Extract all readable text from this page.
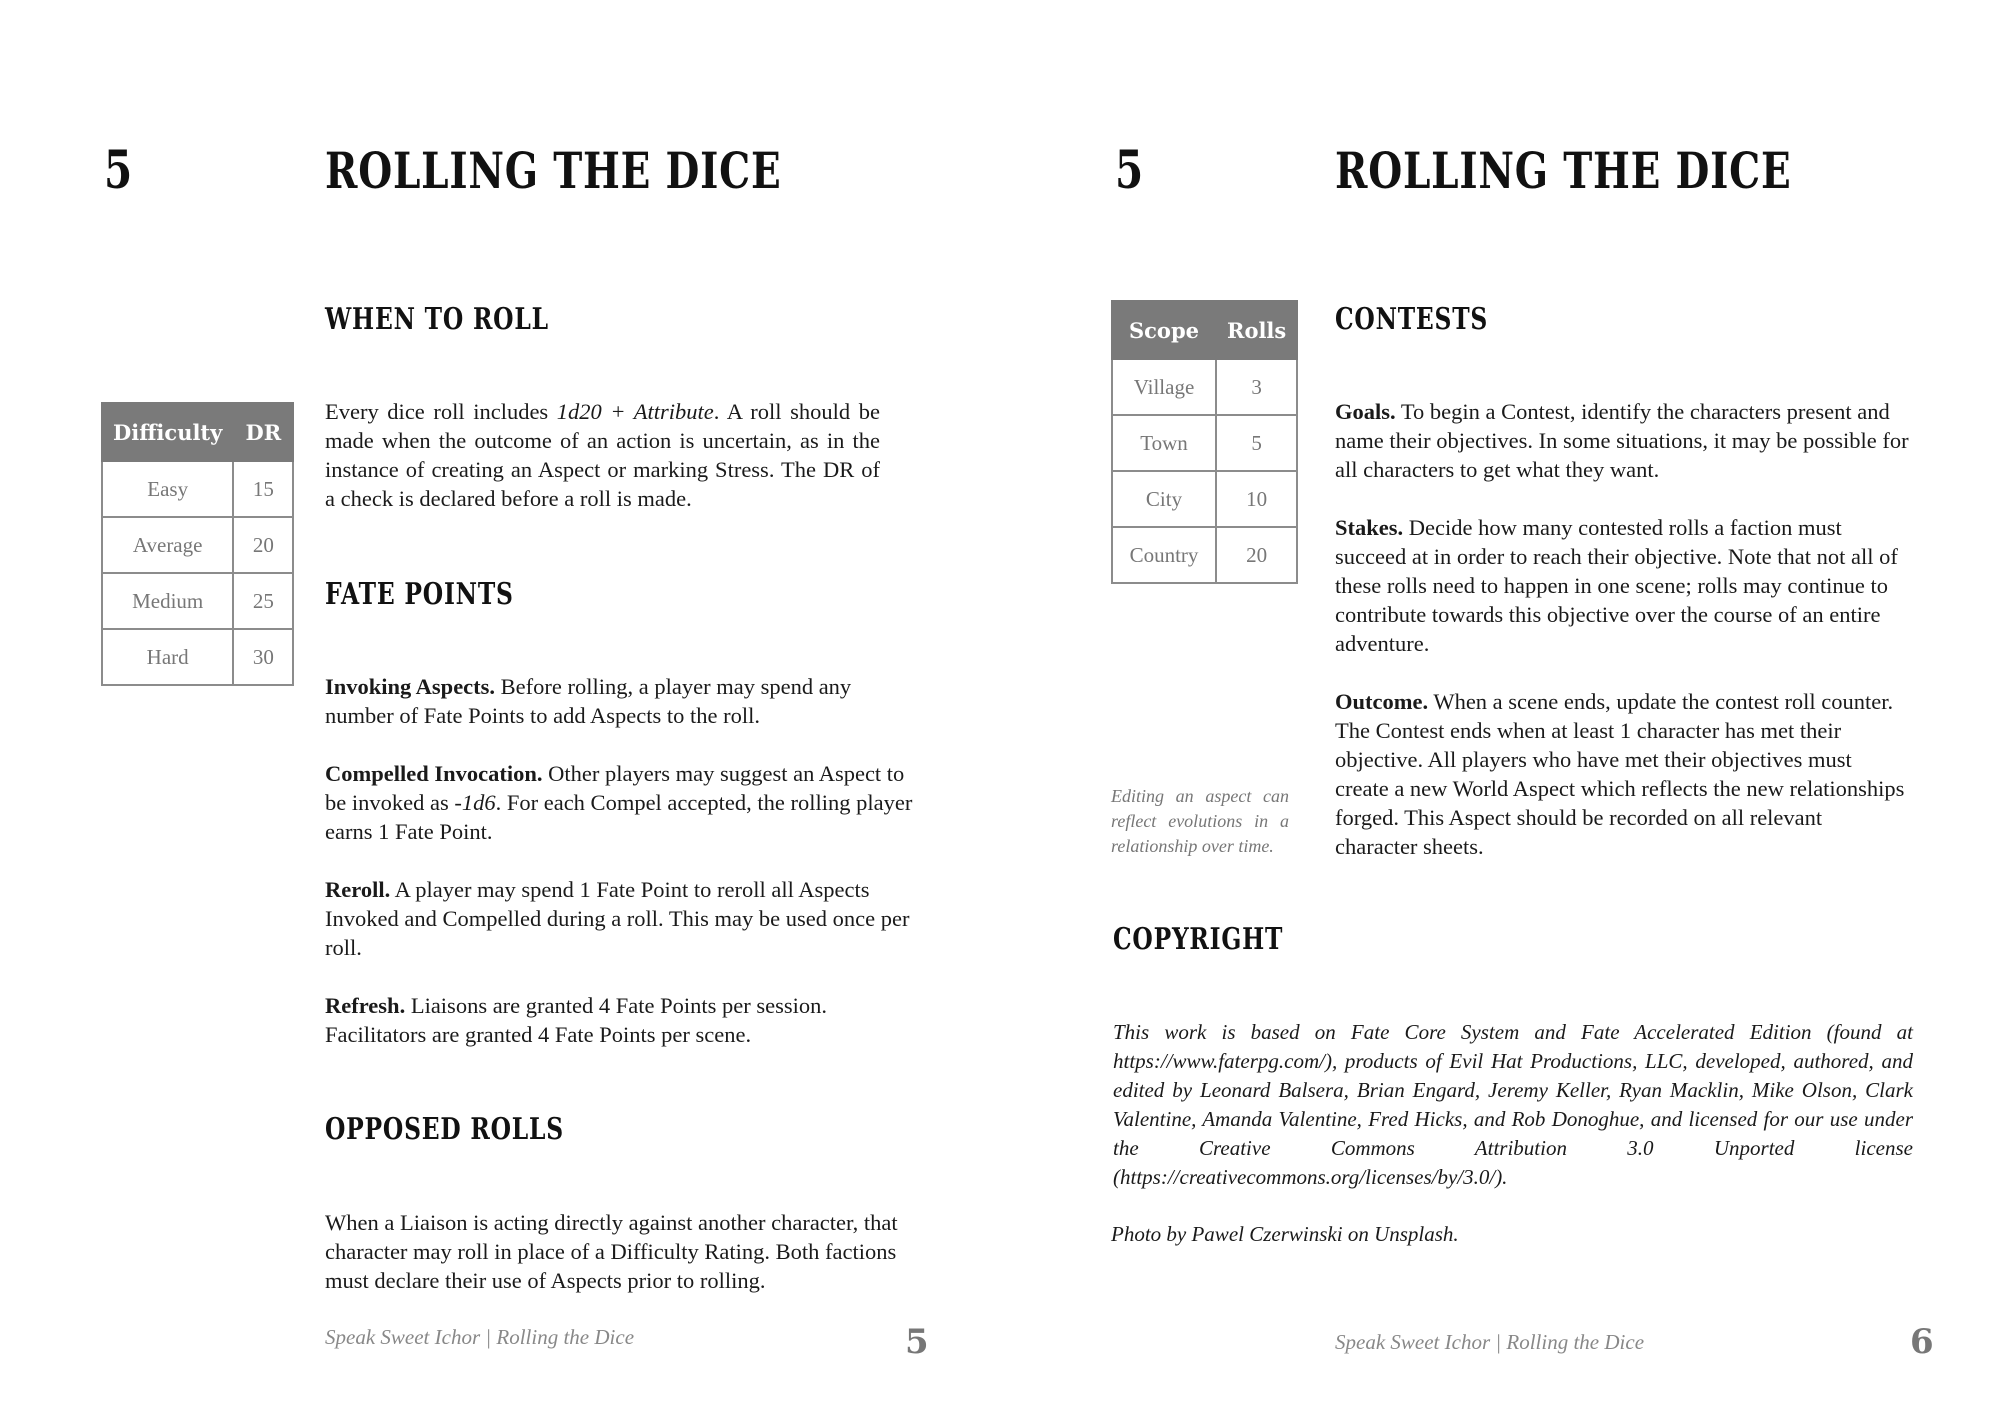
5	ROLLING THE DICE
Difficulty	DR
Easy	15
Average	20
Medium	25
Hard	30
WHEN TO ROLL
Every dice roll includes 1d20 + Attribute. A roll should be made when the outcome of an action is uncertain, as in the instance of creating an Aspect or marking Stress. The DR of a check is declared before a roll is made.
FATE POINTS

Invoking Aspects. Before rolling, a player may spend any number of Fate Points to add Aspects to the roll.

Compelled Invocation. Other players may suggest an Aspect to be invoked as -1d6. For each Compel accepted, the rolling player earns 1 Fate Point.

Reroll. A player may spend 1 Fate Point to reroll all Aspects Invoked and Compelled during a roll. This may be used once per roll.

Refresh. Liaisons are granted 4 Fate Points per session. Facilitators are granted 4 Fate Points per scene.

OPPOSED ROLLS
When a Liaison is acting directly against another character, that character may roll in place of a Difficulty Rating. Both factions must declare their use of Aspects prior to rolling.
Speak Sweet Ichor | Rolling the Dice	5
5	ROLLING THE DICE
Scope	Rolls
Village	3
Town	5
City	10
Country	20
Editing an aspect can reflect evolutions in a relationship over time.
CONTESTS

Goals. To begin a Contest, identify the characters present and name their objectives. In some situations, it may be possible for all characters to get what they want.

Stakes. Decide how many contested rolls a faction must succeed at in order to reach their objective. Note that not all of these rolls need to happen in one scene; rolls may continue to contribute towards this objective over the course of an entire adventure.

Outcome. When a scene ends, update the contest roll counter. The Contest ends when at least 1 character has met their objective. All players who have met their objectives must create a new World Aspect which reflects the new relationships forged. This Aspect should be recorded on all relevant character sheets.

COPYRIGHT
This work is based on Fate Core System and Fate Accelerated Edition (found at https://www.faterpg.com/), products of Evil Hat Productions, LLC, developed, authored, and edited by Leonard Balsera, Brian Engard, Jeremy Keller, Ryan Macklin, Mike Olson, Clark Valentine, Amanda Valentine, Fred Hicks, and Rob Donoghue, and licensed for our use under the Creative Commons Attribution 3.0 Unported license (https://creativecommons.org/licenses/by/3.0/).
Photo by Pawel Czerwinski on Unsplash.
Speak Sweet Ichor | Rolling the Dice	6
